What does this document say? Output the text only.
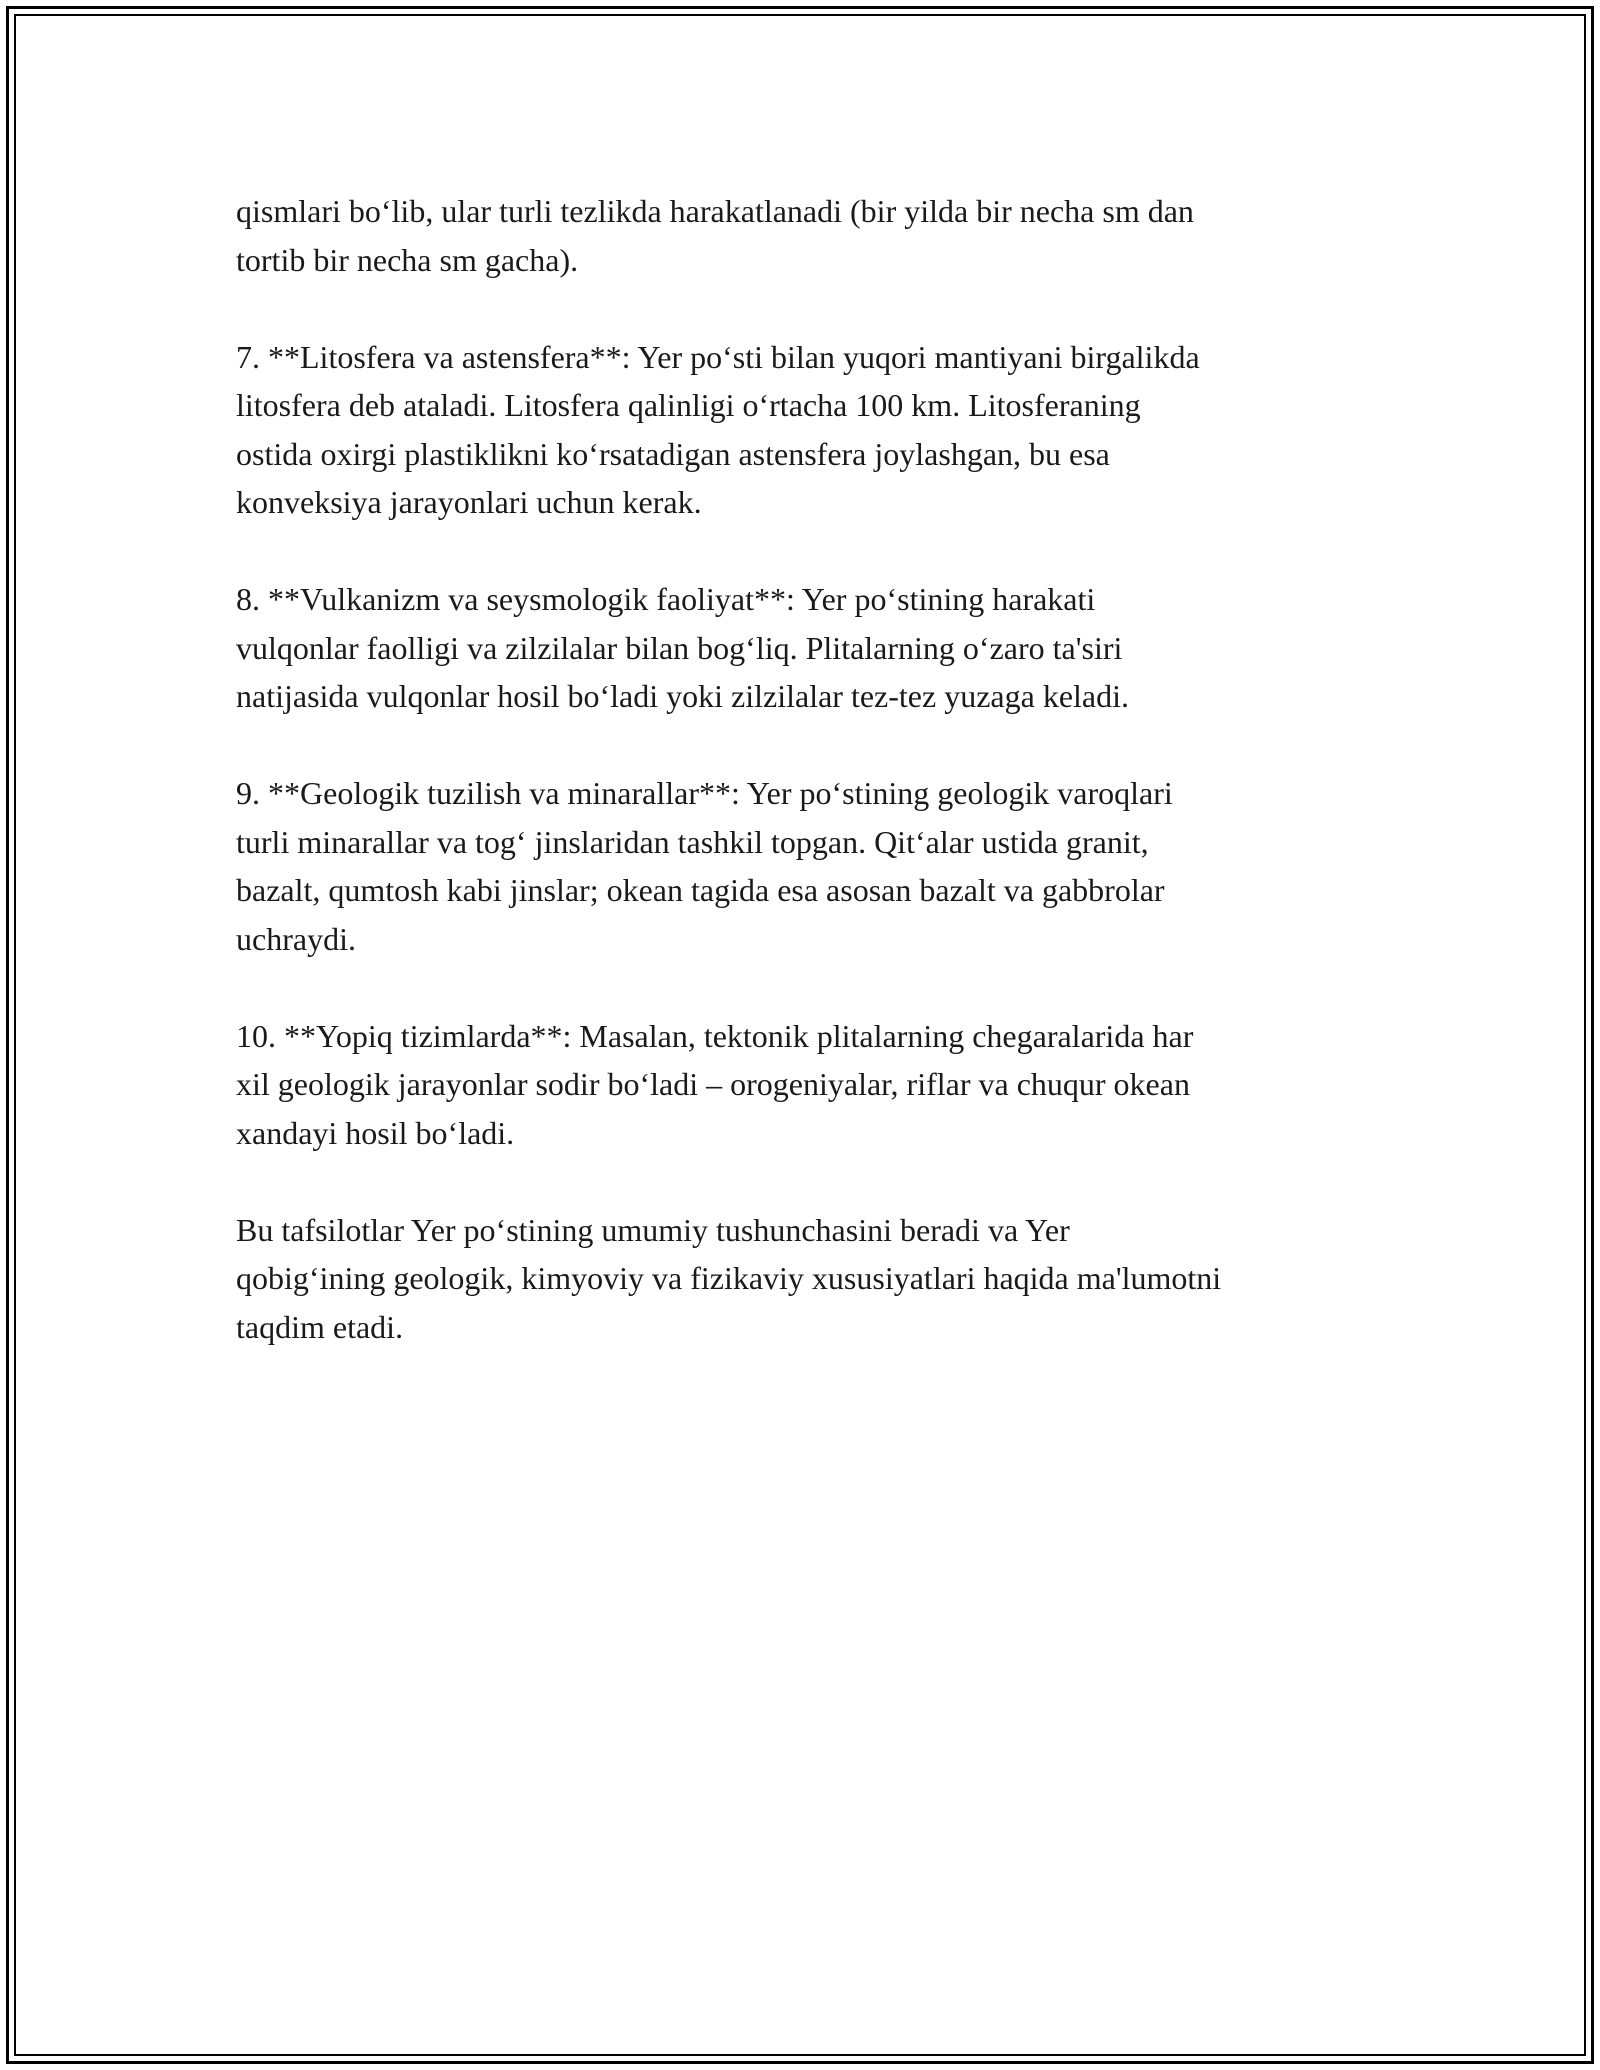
qismlari bo‘lib, ular turli tezlikda harakatlanadi (bir yilda bir necha sm dan
tortib bir necha sm gacha).

7. **Litosfera va astensfera**: Yer po‘sti bilan yuqori mantiyani birgalikda
litosfera deb ataladi. Litosfera qalinligi o‘rtacha 100 km. Litosferaning
ostida oxirgi plastiklikni ko‘rsatadigan astensfera joylashgan, bu esa
konveksiya jarayonlari uchun kerak.

8. **Vulkanizm va seysmologik faoliyat**: Yer po‘stining harakati
vulqonlar faolligi va zilzilalar bilan bog‘liq. Plitalarning o‘zaro ta'siri
natijasida vulqonlar hosil bo‘ladi yoki zilzilalar tez-tez yuzaga keladi.

9. **Geologik tuzilish va minarallar**: Yer po‘stining geologik varoqlari
turli minarallar va tog‘ jinslaridan tashkil topgan. Qit‘alar ustida granit,
bazalt, qumtosh kabi jinslar; okean tagida esa asosan bazalt va gabbrolar
uchraydi.

10. **Yopiq tizimlarda**: Masalan, tektonik plitalarning chegaralarida har
xil geologik jarayonlar sodir bo‘ladi – orogeniyalar, riflar va chuqur okean
xandayi hosil bo‘ladi.

Bu tafsilotlar Yer po‘stining umumiy tushunchasini beradi va Yer
qobig‘ining geologik, kimyoviy va fizikaviy xususiyatlari haqida ma'lumotni
taqdim etadi.
